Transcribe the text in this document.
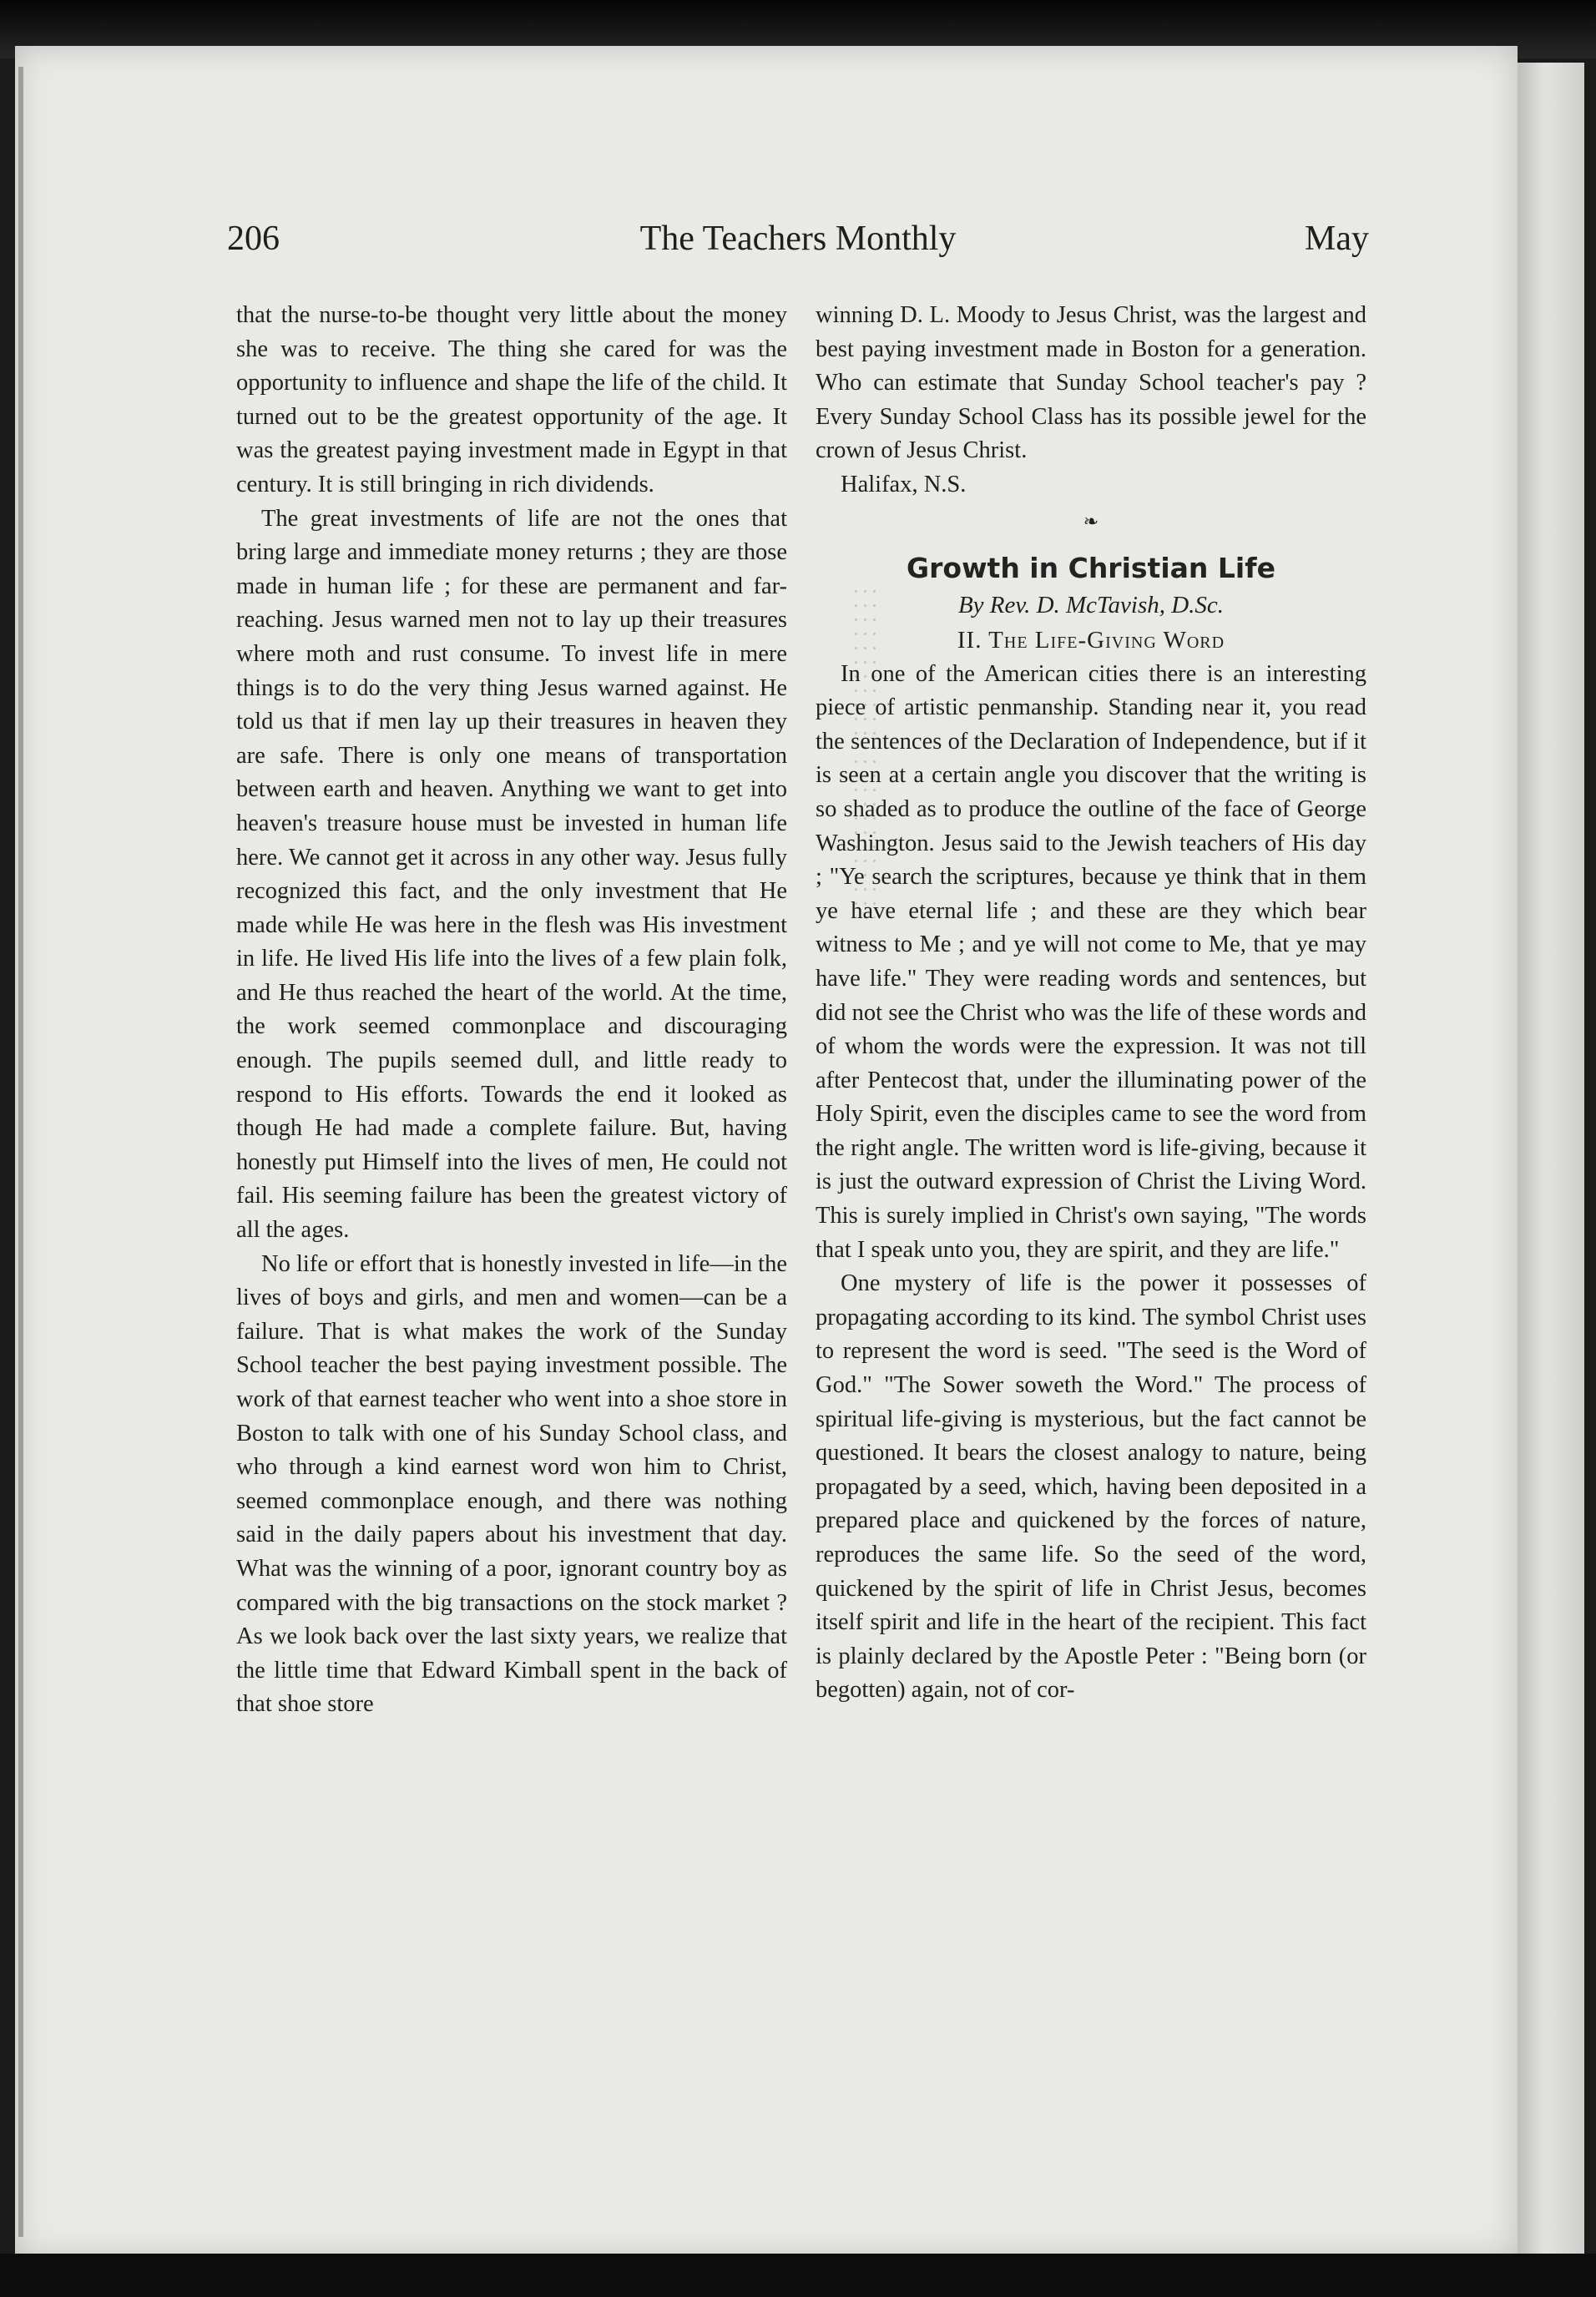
206	The Teachers Monthly	May

that the nurse-to-be thought very little about the money she was to receive. The thing she cared for was the opportunity to influence and shape the life of the child. It turned out to be the greatest opportunity of the age. It was the greatest paying investment made in Egypt in that century. It is still bringing in rich dividends.

The great investments of life are not the ones that bring large and immediate money returns ; they are those made in human life ; for these are permanent and far-reaching. Jesus warned men not to lay up their treasures where moth and rust consume. To invest life in mere things is to do the very thing Jesus warned against. He told us that if men lay up their treasures in heaven they are safe. There is only one means of transportation between earth and heaven. Anything we want to get into heaven's treasure house must be invested in human life here. We cannot get it across in any other way. Jesus fully recognized this fact, and the only investment that He made while He was here in the flesh was His investment in life. He lived His life into the lives of a few plain folk, and He thus reached the heart of the world. At the time, the work seemed commonplace and discouraging enough. The pupils seemed dull, and little ready to respond to His efforts. Towards the end it looked as though He had made a complete failure. But, having honestly put Himself into the lives of men, He could not fail. His seeming failure has been the greatest victory of all the ages.

No life or effort that is honestly invested in life—in the lives of boys and girls, and men and women—can be a failure. That is what makes the work of the Sunday School teacher the best paying investment possible. The work of that earnest teacher who went into a shoe store in Boston to talk with one of his Sunday School class, and who through a kind earnest word won him to Christ, seemed commonplace enough, and there was nothing said in the daily papers about his investment that day. What was the winning of a poor, ignorant country boy as compared with the big transactions on the stock market ? As we look back over the last sixty years, we realize that the little time that Edward Kimball spent in the back of that shoe store

winning D. L. Moody to Jesus Christ, was the largest and best paying investment made in Boston for a generation. Who can estimate that Sunday School teacher's pay ? Every Sunday School Class has its possible jewel for the crown of Jesus Christ.

Halifax, N.S.

❧
Growth in Christian Life
By Rev. D. McTavish, D.Sc.
II. The Life-Giving Word

In one of the American cities there is an interesting piece of artistic penmanship. Standing near it, you read the sentences of the Declaration of Independence, but if it is seen at a certain angle you discover that the writing is so shaded as to produce the outline of the face of George Washington. Jesus said to the Jewish teachers of His day ; "Ye search the scriptures, because ye think that in them ye have eternal life ; and these are they which bear witness to Me ; and ye will not come to Me, that ye may have life." They were reading words and sentences, but did not see the Christ who was the life of these words and of whom the words were the expression. It was not till after Pentecost that, under the illuminating power of the Holy Spirit, even the disciples came to see the word from the right angle. The written word is life-giving, because it is just the outward expression of Christ the Living Word. This is surely implied in Christ's own saying, "The words that I speak unto you, they are spirit, and they are life."

One mystery of life is the power it possesses of propagating according to its kind. The symbol Christ uses to represent the word is seed. "The seed is the Word of God." "The Sower soweth the Word." The process of spiritual life-giving is mysterious, but the fact cannot be questioned. It bears the closest analogy to nature, being propagated by a seed, which, having been deposited in a prepared place and quickened by the forces of nature, reproduces the same life. So the seed of the word, quickened by the spirit of life in Christ Jesus, becomes itself spirit and life in the heart of the recipient. This fact is plainly declared by the Apostle Peter : "Being born (or begotten) again, not of cor-
